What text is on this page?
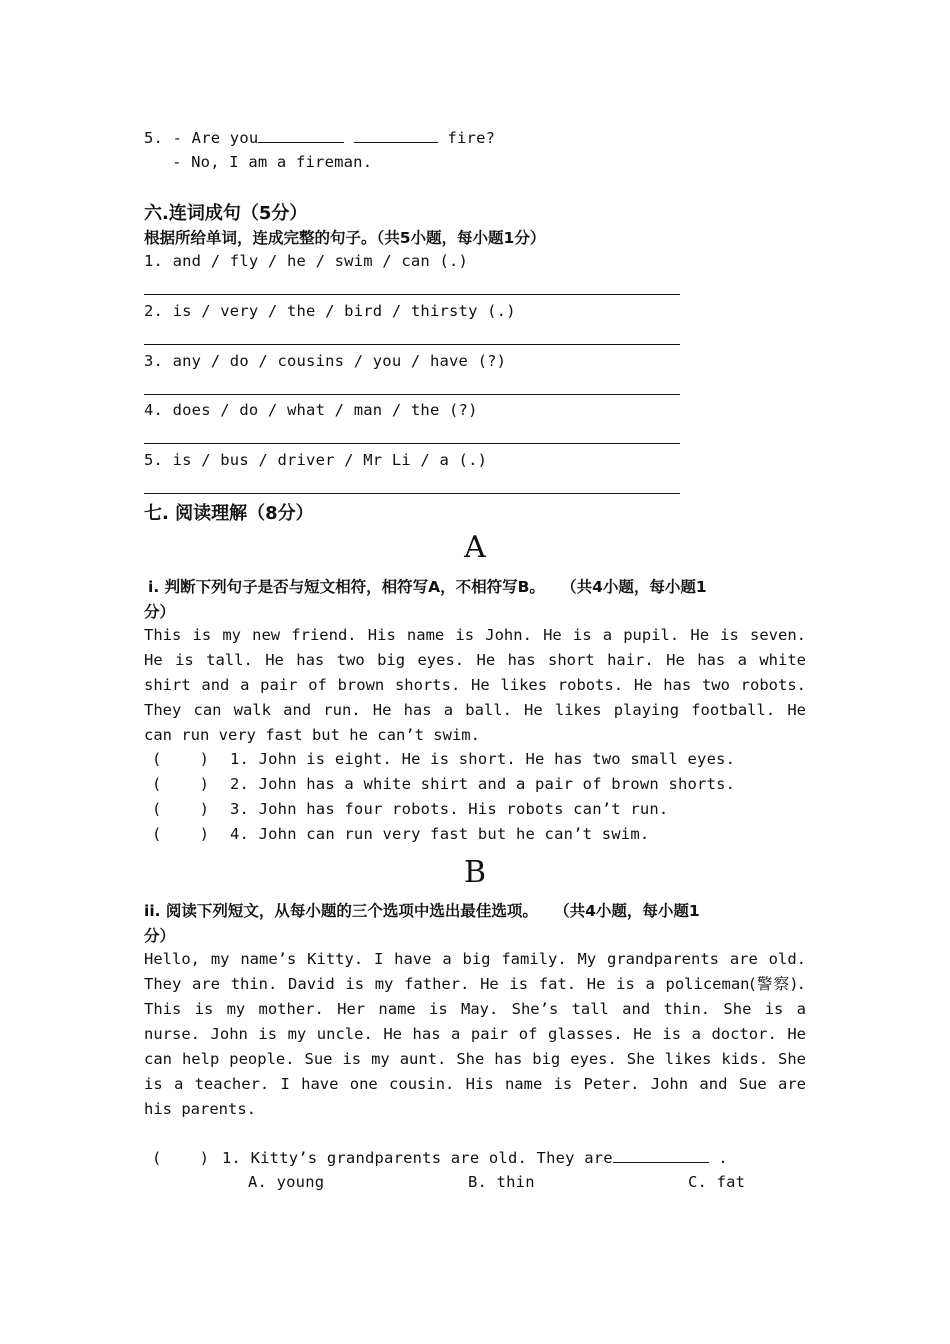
5. - Are you	fire?
- No, I am a fireman.
六.连词成句（5分）
根据所给单词，连成完整的句子。（共5小题，每小题1分）
1. and / fly / he / swim / can (.)
2. is / very / the / bird / thirsty (.)
3. any / do / cousins / you / have (?)
4. does / do / what / man / the (?)
5. is / bus / driver / Mr Li / a (.)
七. 阅读理解（8分）
A
i. 判断下列句子是否与短文相符，相符写A，不相符写B。   （共4小题，每小题1
分）
This is my new friend. His name is John. He is a pupil. He is seven. He is tall. He has two big eyes. He has short hair. He has a white shirt and a pair of brown shorts. He likes robots. He has two robots. They can walk and run. He has a ball. He likes playing football. He can run very fast but he can’t swim.
(    ) 1. John is eight. He is short. He has two small eyes.
(    ) 2. John has a white shirt and a pair of brown shorts.
(    ) 3. John has four robots. His robots can’t run.
(    ) 4. John can run very fast but he can’t swim.
B
ii. 阅读下列短文，从每小题的三个选项中选出最佳选项。   （共4小题，每小题1
分）
Hello, my name’s Kitty. I have a big family. My grandparents are old. They are thin. David is my father. He is fat. He is a policeman(警察). This is my mother. Her name is May. She’s tall and thin. She is a nurse. John is my uncle. He has a pair of glasses. He is a doctor. He can help people. Sue is my aunt. She has big eyes. She likes kids. She is a teacher. I have one cousin. His name is Peter. John and Sue are his parents.
(    ) 1. Kitty’s grandparents are old. They are	.
A. young	B. thin	C. fat
